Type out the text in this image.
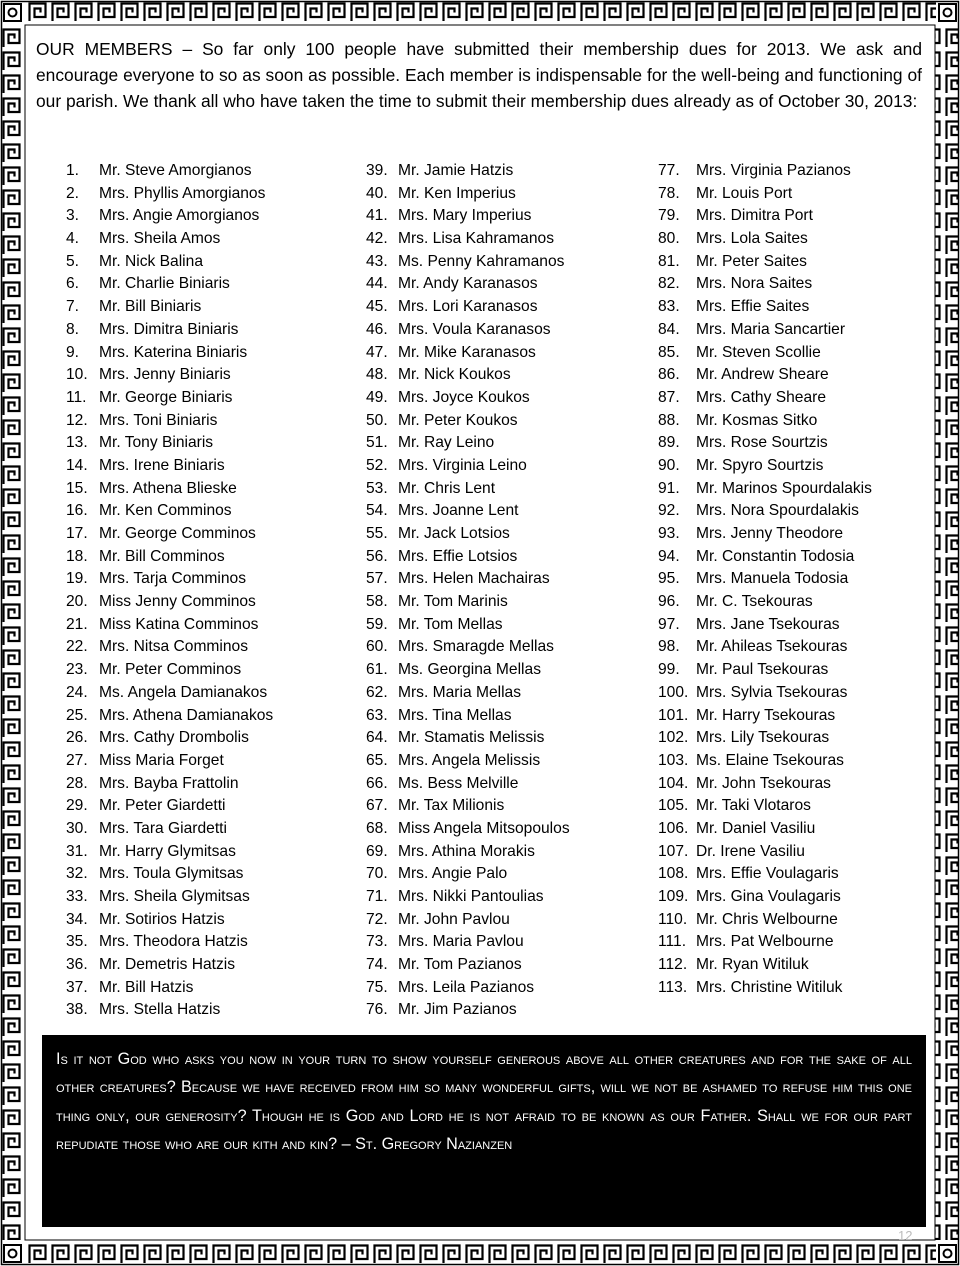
OUR MEMBERS – So far only 100 people have submitted their membership dues for 2013. We ask and encourage everyone to so as soon as possible. Each member is indispensable for the well-being and functioning of our parish. We thank all who have taken the time to submit their membership dues already as of October 30, 2013:
1. Mr. Steve Amorgianos
2. Mrs. Phyllis Amorgianos
3. Mrs. Angie Amorgianos
4. Mrs. Sheila Amos
5. Mr. Nick Balina
6. Mr. Charlie Biniaris
7. Mr. Bill Biniaris
8. Mrs. Dimitra Biniaris
9. Mrs. Katerina Biniaris
10. Mrs. Jenny Biniaris
11. Mr. George Biniaris
12. Mrs. Toni Biniaris
13. Mr. Tony Biniaris
14. Mrs. Irene Biniaris
15. Mrs. Athena Blieske
16. Mr. Ken Comminos
17. Mr. George Comminos
18. Mr. Bill Comminos
19. Mrs. Tarja Comminos
20. Miss Jenny Comminos
21. Miss Katina Comminos
22. Mrs. Nitsa Comminos
23. Mr. Peter Comminos
24. Ms. Angela Damianakos
25. Mrs. Athena Damianakos
26. Mrs. Cathy Drombolis
27. Miss Maria Forget
28. Mrs. Bayba Frattolin
29. Mr. Peter Giardetti
30. Mrs. Tara Giardetti
31. Mr. Harry Glymitsas
32. Mrs. Toula Glymitsas
33. Mrs. Sheila Glymitsas
34. Mr. Sotirios Hatzis
35. Mrs. Theodora Hatzis
36. Mr. Demetris Hatzis
37. Mr. Bill Hatzis
38. Mrs. Stella Hatzis
39. Mr. Jamie Hatzis
40. Mr. Ken Imperius
41. Mrs. Mary Imperius
42. Mrs. Lisa Kahramanos
43. Ms. Penny Kahramanos
44. Mr. Andy Karanasos
45. Mrs. Lori Karanasos
46. Mrs. Voula Karanasos
47. Mr. Mike Karanasos
48. Mr. Nick Koukos
49. Mrs. Joyce Koukos
50. Mr. Peter Koukos
51. Mr. Ray Leino
52. Mrs. Virginia Leino
53. Mr. Chris Lent
54. Mrs. Joanne Lent
55. Mr. Jack Lotsios
56. Mrs. Effie Lotsios
57. Mrs. Helen Machairas
58. Mr. Tom Marinis
59. Mr. Tom Mellas
60. Mrs. Smaragde Mellas
61. Ms. Georgina Mellas
62. Mrs. Maria Mellas
63. Mrs. Tina Mellas
64. Mr. Stamatis Melissis
65. Mrs. Angela Melissis
66. Ms. Bess Melville
67. Mr. Tax Milionis
68. Miss Angela Mitsopoulos
69. Mrs. Athina Morakis
70. Mrs. Angie Palo
71. Mrs. Nikki Pantoulias
72. Mr. John Pavlou
73. Mrs. Maria Pavlou
74. Mr. Tom Pazianos
75. Mrs. Leila Pazianos
76. Mr. Jim Pazianos
77. Mrs. Virginia Pazianos
78. Mr. Louis Port
79. Mrs. Dimitra Port
80. Mrs. Lola Saites
81. Mr. Peter Saites
82. Mrs. Nora Saites
83. Mrs. Effie Saites
84. Mrs. Maria Sancartier
85. Mr. Steven Scollie
86. Mr. Andrew Sheare
87. Mrs. Cathy Sheare
88. Mr. Kosmas Sitko
89. Mrs. Rose Sourtzis
90. Mr. Spyro Sourtzis
91. Mr. Marinos Spourdalakis
92. Mrs. Nora Spourdalakis
93. Mrs. Jenny Theodore
94. Mr. Constantin Todosia
95. Mrs. Manuela Todosia
96. Mr. C. Tsekouras
97. Mrs. Jane Tsekouras
98. Mr. Ahileas Tsekouras
99. Mr. Paul Tsekouras
100. Mrs. Sylvia Tsekouras
101. Mr. Harry Tsekouras
102. Mrs. Lily Tsekouras
103. Ms. Elaine Tsekouras
104. Mr. John Tsekouras
105. Mr. Taki Vlotaros
106. Mr. Daniel Vasiliu
107. Dr. Irene Vasiliu
108. Mrs. Effie Voulagaris
109. Mrs. Gina Voulagaris
110. Mr. Chris Welbourne
111. Mrs. Pat Welbourne
112. Mr. Ryan Witiluk
113. Mrs. Christine Witiluk

Is it not God who asks you now in your turn to show yourself generous above all other creatures and for the sake of all other creatures? Because we have received from him so many wonderful gifts, will we not be ashamed to refuse him this one thing only, our generosity? Though he is God and Lord he is not afraid to be known as our Father. Shall we for our part repudiate those who are our kith and kin? – St. Gregory Nazianzen

12
